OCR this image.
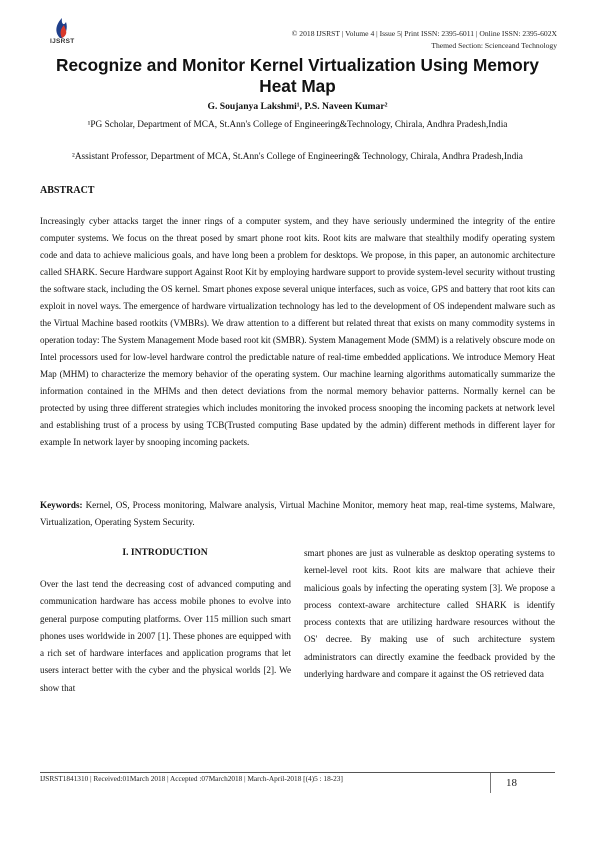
IJSRST
© 2018 IJSRST | Volume 4 | Issue 5| Print ISSN: 2395-6011 | Online ISSN: 2395-602X
Themed Section: Scienceand Technology
Recognize and Monitor Kernel Virtualization Using Memory Heat Map
G. Soujanya Lakshmi¹, P.S. Naveen Kumar²
¹PG Scholar, Department of MCA, St.Ann's College of Engineering&Technology, Chirala, Andhra Pradesh,India
²Assistant Professor, Department of MCA, St.Ann's College of Engineering& Technology, Chirala, Andhra Pradesh,India
ABSTRACT
Increasingly cyber attacks target the inner rings of a computer system, and they have seriously undermined the integrity of the entire computer systems. We focus on the threat posed by smart phone root kits. Root kits are malware that stealthily modify operating system code and data to achieve malicious goals, and have long been a problem for desktops. We propose, in this paper, an autonomic architecture called SHARK. Secure Hardware support Against Root Kit by employing hardware support to provide system-level security without trusting the software stack, including the OS kernel. Smart phones expose several unique interfaces, such as voice, GPS and battery that root kits can exploit in novel ways. The emergence of hardware virtualization technology has led to the development of OS independent malware such as the Virtual Machine based rootkits (VMBRs). We draw attention to a different but related threat that exists on many commodity systems in operation today: The System Management Mode based root kit (SMBR). System Management Mode (SMM) is a relatively obscure mode on Intel processors used for low-level hardware control the predictable nature of real-time embedded applications. We introduce Memory Heat Map (MHM) to characterize the memory behavior of the operating system. Our machine learning algorithms automatically summarize the information contained in the MHMs and then detect deviations from the normal memory behavior patterns. Normally kernel can be protected by using three different strategies which includes monitoring the invoked process snooping the incoming packets at network level and establishing trust of a process by using TCB(Trusted computing Base updated by the admin) different methods in different layer for example In network layer by snooping incoming packets.
Keywords: Kernel, OS, Process monitoring, Malware analysis, Virtual Machine Monitor, memory heat map, real-time systems, Malware, Virtualization, Operating System Security.
I. INTRODUCTION
Over the last tend the decreasing cost of advanced computing and communication hardware has access mobile phones to evolve into general purpose computing platforms. Over 115 million such smart phones uses worldwide in 2007 [1]. These phones are equipped with a rich set of hardware interfaces and application programs that let users interact better with the cyber and the physical worlds [2]. We show that
smart phones are just as vulnerable as desktop operating systems to kernel-level root kits. Root kits are malware that achieve their malicious goals by infecting the operating system [3]. We propose a process context-aware architecture called SHARK is identify process contexts that are utilizing hardware resources without the OS' decree. By making use of such architecture system administrators can directly examine the feedback provided by the underlying hardware and compare it against the OS retrieved data
IJSRST1841310 | Received:01March 2018 | Accepted :07March2018 | March-April-2018 [(4)5 : 18-23]	18
